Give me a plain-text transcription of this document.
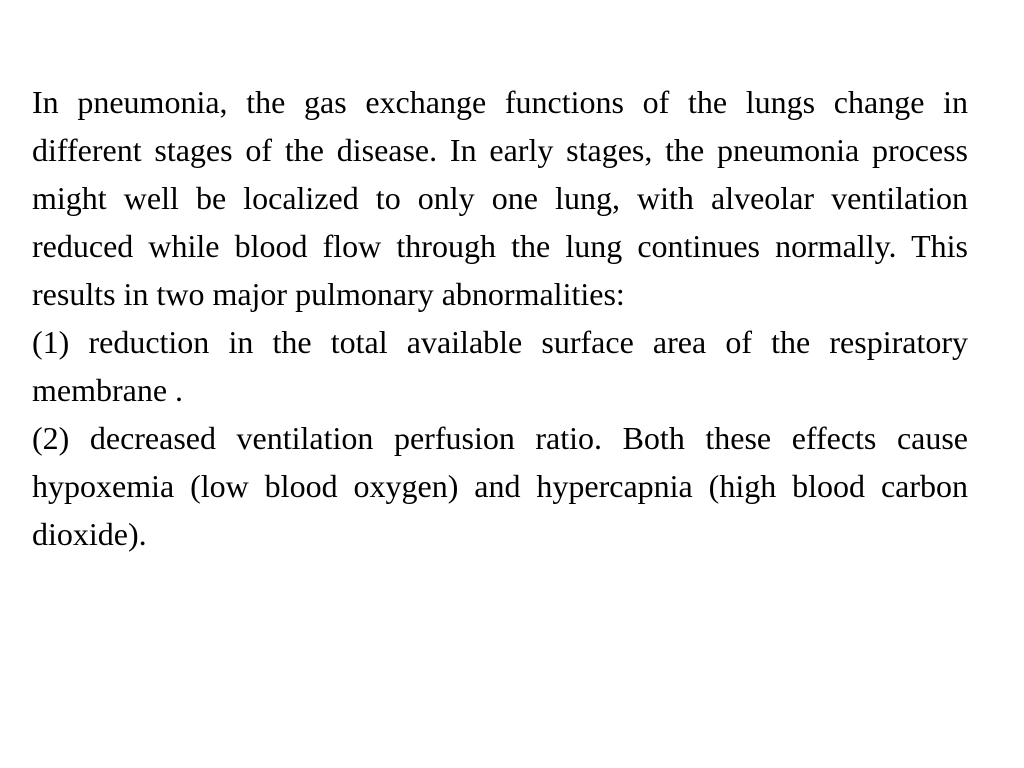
In pneumonia, the gas exchange functions of the lungs change in different stages of the disease. In early stages, the pneumonia process might well be localized to only one lung, with alveolar ventilation reduced while blood flow through the lung continues normally. This results in two major pulmonary abnormalities:

(1) reduction in the total available surface area of the respiratory membrane .

(2) decreased ventilation perfusion ratio. Both these effects cause hypoxemia (low blood oxygen) and hypercapnia (high blood carbon dioxide).
